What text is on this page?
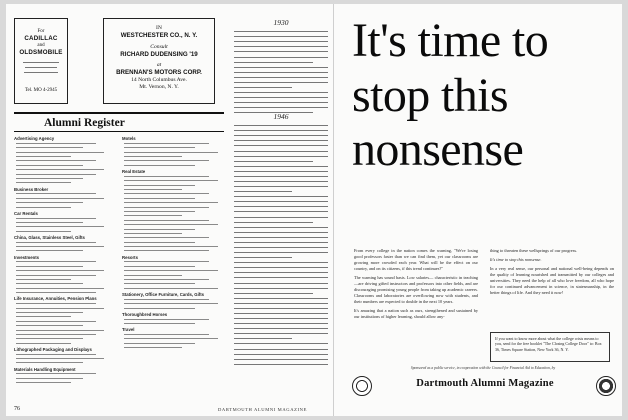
For
CADILLAC
and
OLDSMOBILE
Tel. MO 4-2945
IN
WESTCHESTER CO., N. Y.
Consult
RICHARD DUDENSING '19
at
BRENNAN'S MOTORS CORP.
14 North Columbus Ave.
Mt. Vernon, N. Y.
1930
1946
Alumni Register
Advertising Agency
Business Broker
Car Rentals
China, Glass, Stainless Steel, Gifts
Investments
Life Insurance, Annuities, Pension Plans
Lithographed Packaging and Displays
Materials Handling Equipment
Motels
Real Estate
Resorts
Stationery, Office Furniture, Cards, Gifts
Thoroughbred Horses
Travel
76	DARTMOUTH ALUMNI MAGAZINE
It's time to
stop this
nonsense
From every college in the nation comes the warning, "We're losing good professors faster than we can find them, yet our classrooms are growing more crowded each year. What will be the effect on our country, and on its citizens, if this trend continues?"
The warning has sound basis. Low salaries— characteristic in teaching—are driving gifted instructors and professors into other fields, and are discouraging promising young people from taking up academic careers. Classrooms and laboratories are overflowing now with students, and their numbers are expected to double in the next 10 years.
It's amazing that a nation such as ours, strengthened and sustained by our institutions of higher learning, should allow any-
thing to threaten these wellsprings of our progress.
It's time to stop this nonsense.
In a very real sense, our personal and national well-being depends on the quality of learning nourished and transmitted by our colleges and universities. They need the help of all who love freedom, all who hope for our continued advancement in science, in statesmanship, in the better things of life. And they need it now!
If you want to know more about what the college crisis means to you, send for the free booklet "The Closing College Door" to: Box 36, Times Square Station, New York 36, N. Y.
Sponsored as a public service, in cooperation with the Council for Financial Aid to Education, by
Dartmouth Alumni Magazine
